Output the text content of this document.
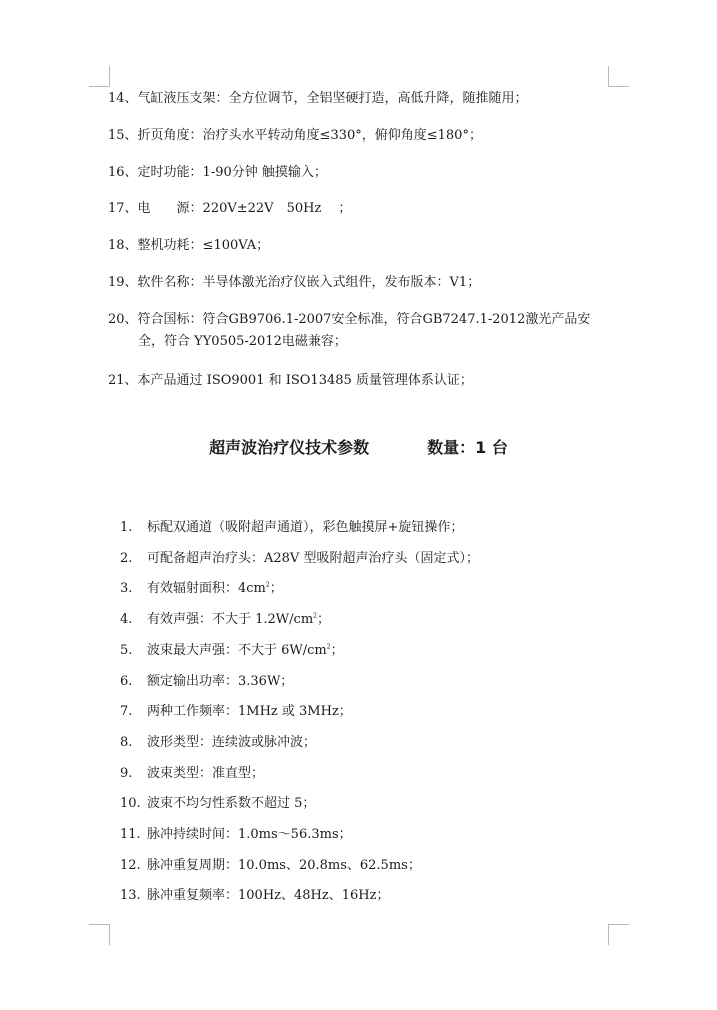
14、气缸液压支架：全方位调节，全铝坚硬打造，高低升降，随推随用；
15、折页角度：治疗头水平转动角度≤330°，俯仰角度≤180°；
16、定时功能：1-90分钟 触摸输入；
17、电　　源：220V±22V　50Hz　 ；
18、整机功耗：≤100VA；
19、软件名称：半导体激光治疗仪嵌入式组件，发布版本：V1；
20、符合国标：符合GB9706.1-2007安全标准，符合GB7247.1-2012激光产品安
全，符合 YY0505-2012电磁兼容；
21、本产品通过 ISO9001 和 ISO13485 质量管理体系认证；
超声波治疗仪技术参数	数量：1 台
1. 标配双通道（吸附超声通道），彩色触摸屏+旋钮操作；
2. 可配备超声治疗头：A28V 型吸附超声治疗头（固定式）；
3. 有效辐射面积：$4cm^2$；
4. 有效声强：不大于 $1.2W/cm^2$；
5. 波束最大声强：不大于 $6W/cm^2$；
6. 额定输出功率：3.36W；
7. 两种工作频率：1MHz 或 3MHz；
8. 波形类型：连续波或脉冲波；
9. 波束类型：准直型；
10. 波束不均匀性系数不超过 5；
11. 脉冲持续时间：1.0ms～56.3ms；
12. 脉冲重复周期：10.0ms、20.8ms、62.5ms；
13. 脉冲重复频率：100Hz、48Hz、16Hz；
